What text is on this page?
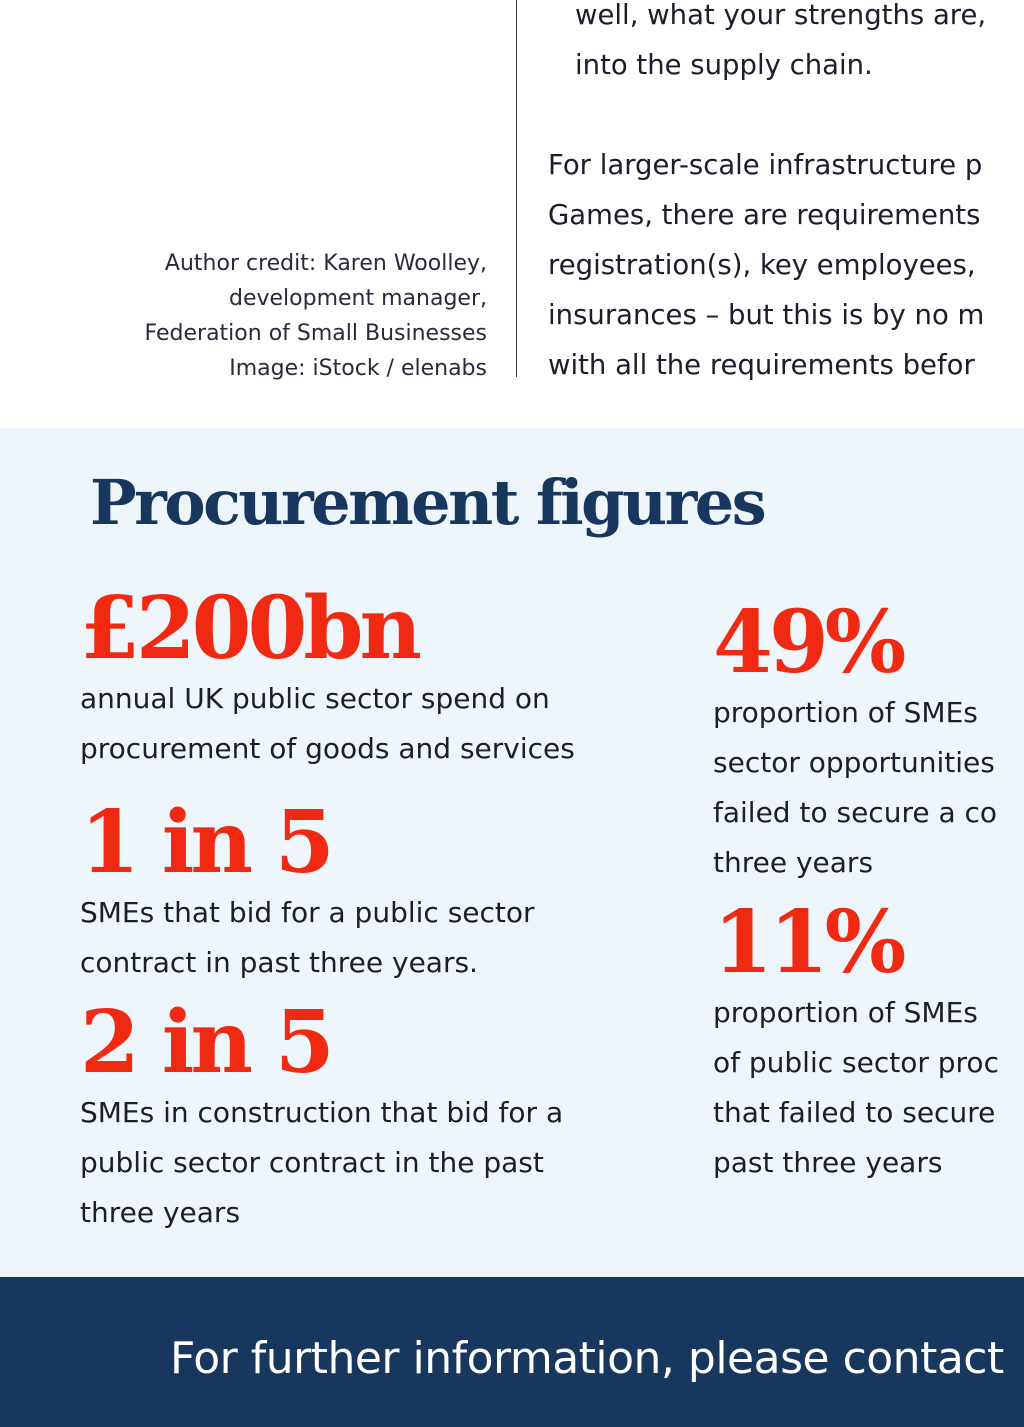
Author credit: Karen Woolley,
development manager,
Federation of Small Businesses
Image: iStock / elenabs
well, what your strengths are,
into the supply chain.
For larger-scale infrastructure p
Games, there are requirements
registration(s), key employees,
insurances – but this is by no m
with all the requirements befor
Procurement figures
£200bn
annual UK public sector spend on
procurement of goods and services
1 in 5
SMEs that bid for a public sector
contract in past three years.
2 in 5
SMEs in construction that bid for a
public sector contract in the past
three years
49%
proportion of SMEs
sector opportunities
failed to secure a co
three years
11%
proportion of SMEs
of public sector proc
that failed to secure
past three years
For further information, please contact
